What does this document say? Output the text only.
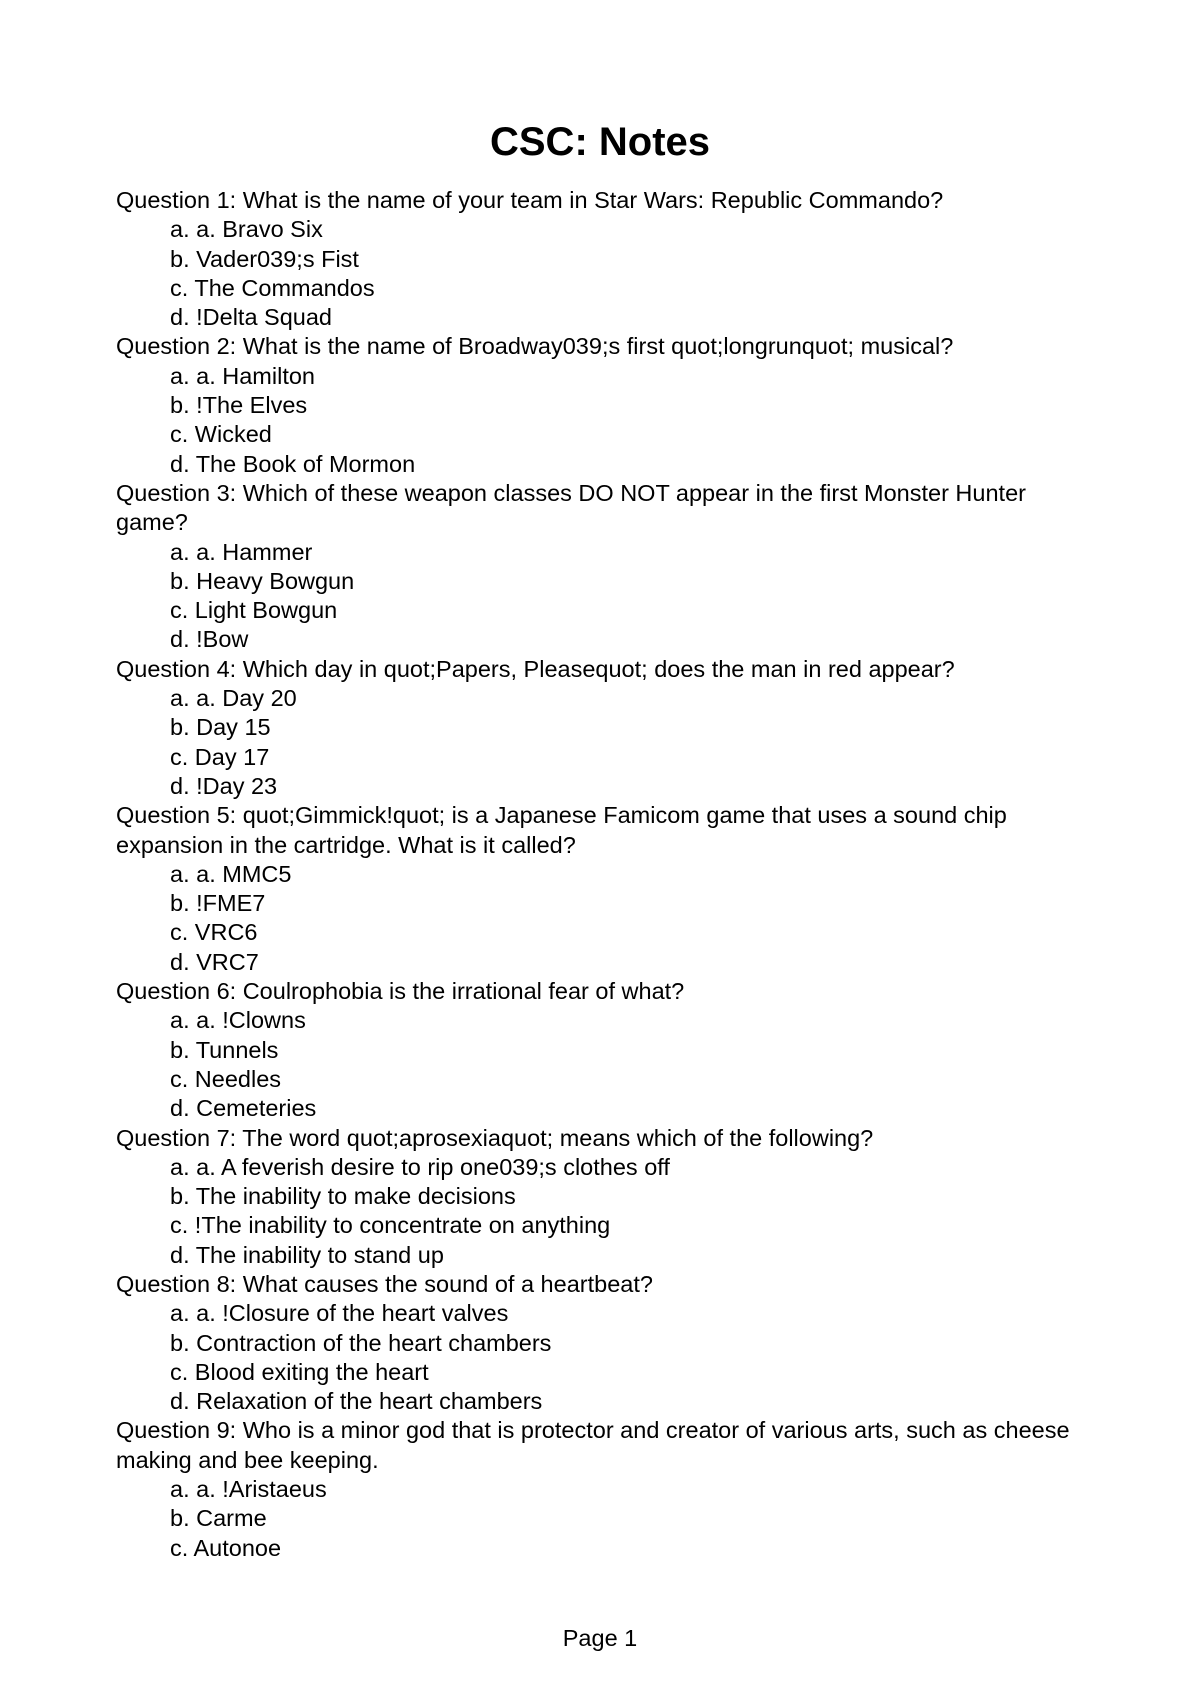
CSC: Notes
Question 1: What is the name of your team in Star Wars: Republic Commando?
a. a. Bravo Six
b. Vader039;s Fist
c. The Commandos
d. !Delta Squad
Question 2: What is the name of Broadway039;s first quot;longrunquot; musical?
a. a. Hamilton
b. !The Elves
c. Wicked
d. The Book of Mormon
Question 3: Which of these weapon classes DO NOT appear in the first Monster Hunter game?
a. a. Hammer
b. Heavy Bowgun
c. Light Bowgun
d. !Bow
Question 4: Which day in quot;Papers, Pleasequot; does the man in red appear?
a. a. Day 20
b. Day 15
c. Day 17
d. !Day 23
Question 5: quot;Gimmick!quot; is a Japanese Famicom game that uses a sound chip expansion in the cartridge. What is it called?
a. a. MMC5
b. !FME7
c. VRC6
d. VRC7
Question 6: Coulrophobia is the irrational fear of what?
a. a. !Clowns
b. Tunnels
c. Needles
d. Cemeteries
Question 7: The word quot;aprosexiaquot; means which of the following?
a. a. A feverish desire to rip one039;s clothes off
b. The inability to make decisions
c. !The inability to concentrate on anything
d. The inability to stand up
Question 8: What causes the sound of a heartbeat?
a. a. !Closure of the heart valves
b. Contraction of the heart chambers
c. Blood exiting the heart
d. Relaxation of the heart chambers
Question 9: Who is a minor god that is protector and creator of various arts, such as cheese making and bee keeping.
a. a. !Aristaeus
b. Carme
c. Autonoe
Page 1
